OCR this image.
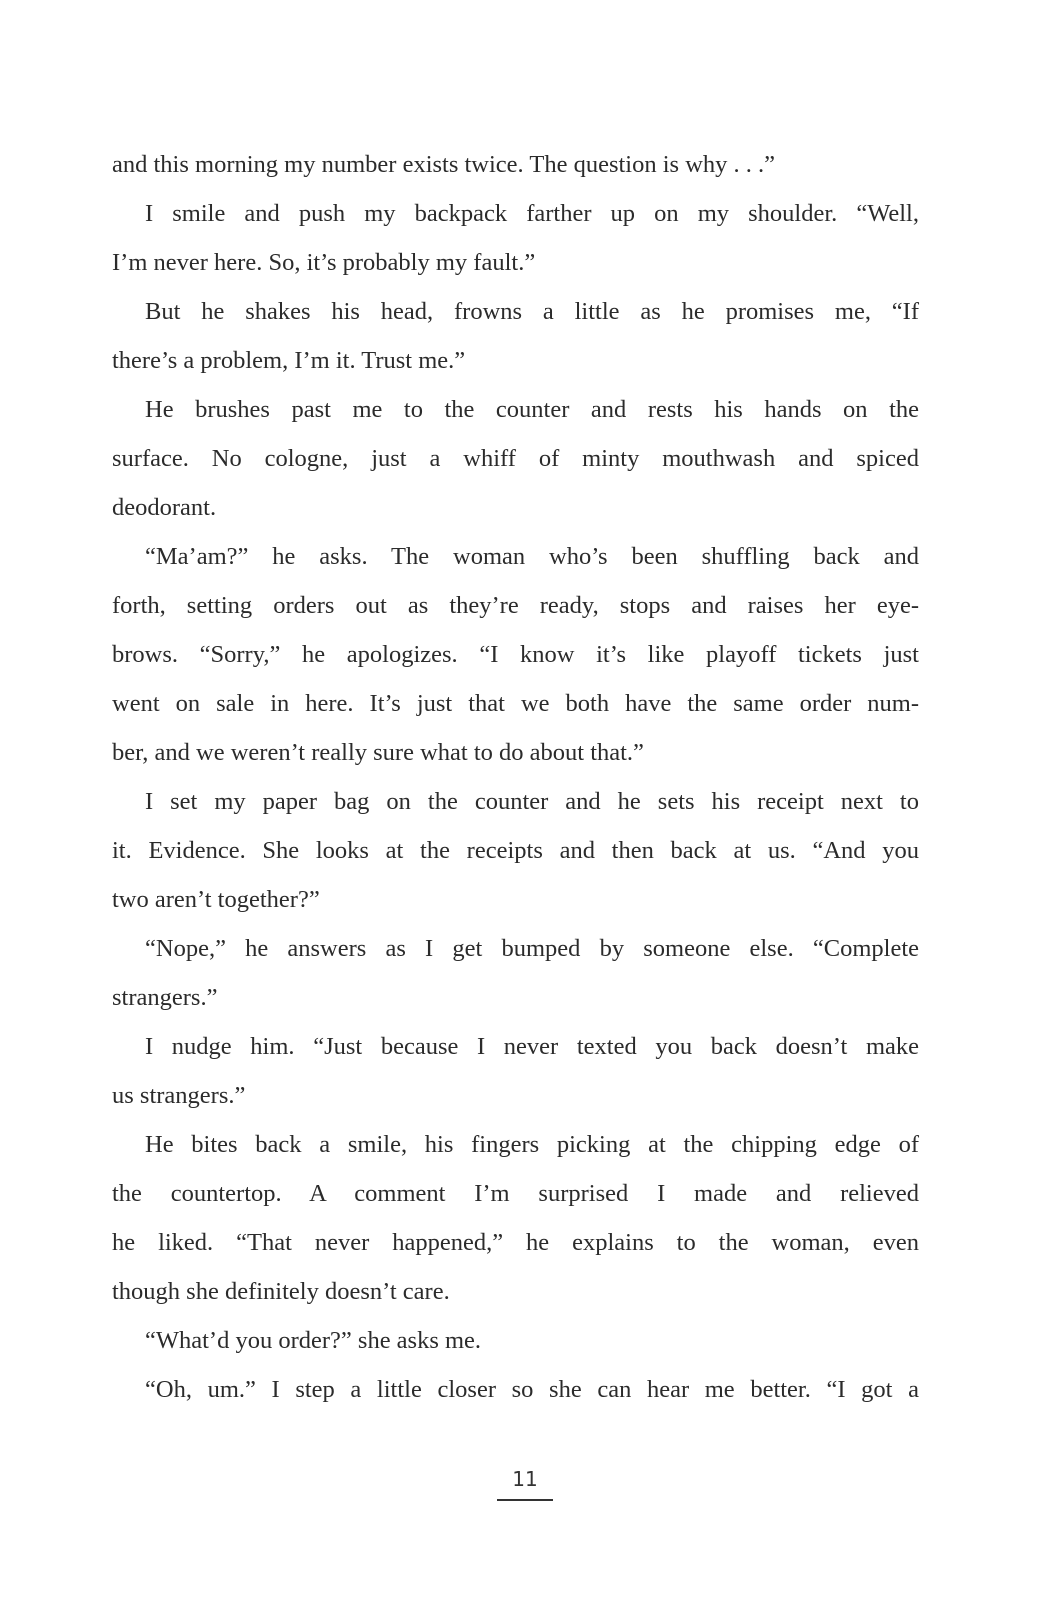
and this morning my number exists twice. The question is why . . .”
I smile and push my backpack farther up on my shoulder. “Well,
I’m never here. So, it’s probably my fault.”
But he shakes his head, frowns a little as he promises me, “If
there’s a problem, I’m it. Trust me.”
He brushes past me to the counter and rests his hands on the
surface. No cologne, just a whiff of minty mouthwash and spiced
deodorant.
“Ma’am?” he asks. The woman who’s been shuffling back and
forth, setting orders out as they’re ready, stops and raises her eye-
brows. “Sorry,” he apologizes. “I know it’s like playoff tickets just
went on sale in here. It’s just that we both have the same order num-
ber, and we weren’t really sure what to do about that.”
I set my paper bag on the counter and he sets his receipt next to
it. Evidence. She looks at the receipts and then back at us. “And you
two aren’t together?”
“Nope,” he answers as I get bumped by someone else. “Complete
strangers.”
I nudge him. “Just because I never texted you back doesn’t make
us strangers.”
He bites back a smile, his fingers picking at the chipping edge of
the countertop. A comment I’m surprised I made and relieved
he liked. “That never happened,” he explains to the woman, even
though she definitely doesn’t care.
“What’d you order?” she asks me.
“Oh, um.” I step a little closer so she can hear me better. “I got a
11
